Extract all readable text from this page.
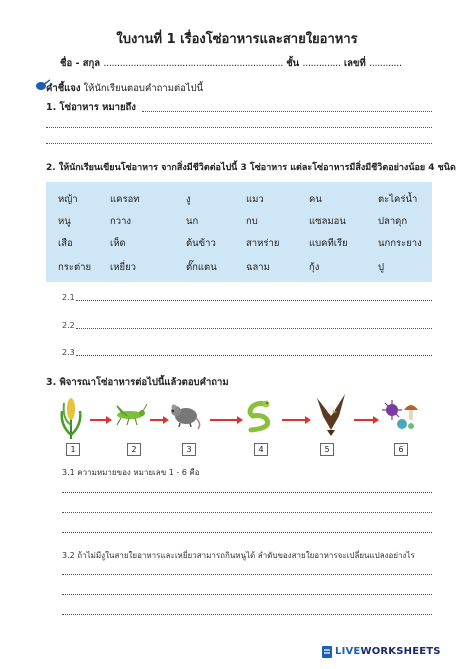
ใบงานที่ 1 เรื่องโซ่อาหารและสายใยอาหาร
ชื่อ - สกุล .................................................................. ชั้น .............. เลขที่ ............
คำชี้แจง ให้นักเรียนตอบคำถามต่อไปนี้
1. โซ่อาหาร หมายถึง
2. ให้นักเรียนเขียนโซ่อาหาร จากสิ่งมีชีวิตต่อไปนี้ 3 โซ่อาหาร แต่ละโซ่อาหารมีสิ่งมีชีวิตอย่างน้อย 4 ชนิด
หญ้า	แครอท	งู	แมว	คน	ตะไคร่น้ำ
หนู	กวาง	นก	กบ	แซลมอน	ปลาดุก
เสือ	เห็ด	ต้นข้าว	สาหร่าย	แบคทีเรีย	นกกระยาง
กระต่าย เหยี่ยว	ตั๊กแตน	ฉลาม	กุ้ง	ปู
2.1
2.2
2.3
3. พิจารณาโซ่อาหารต่อไปนี้แล้วตอบคำถาม
1	2	3	4	5	6
3.1 ความหมายของ หมายเลข 1 - 6 คือ
3.2 ถ้าไม่มีงูในสายใยอาหารและเหยี่ยวสามารถกินหนูได้ ลำดับของสายใยอาหารจะเปลี่ยนแปลงอย่างไร
LIVEWORKSHEETS
